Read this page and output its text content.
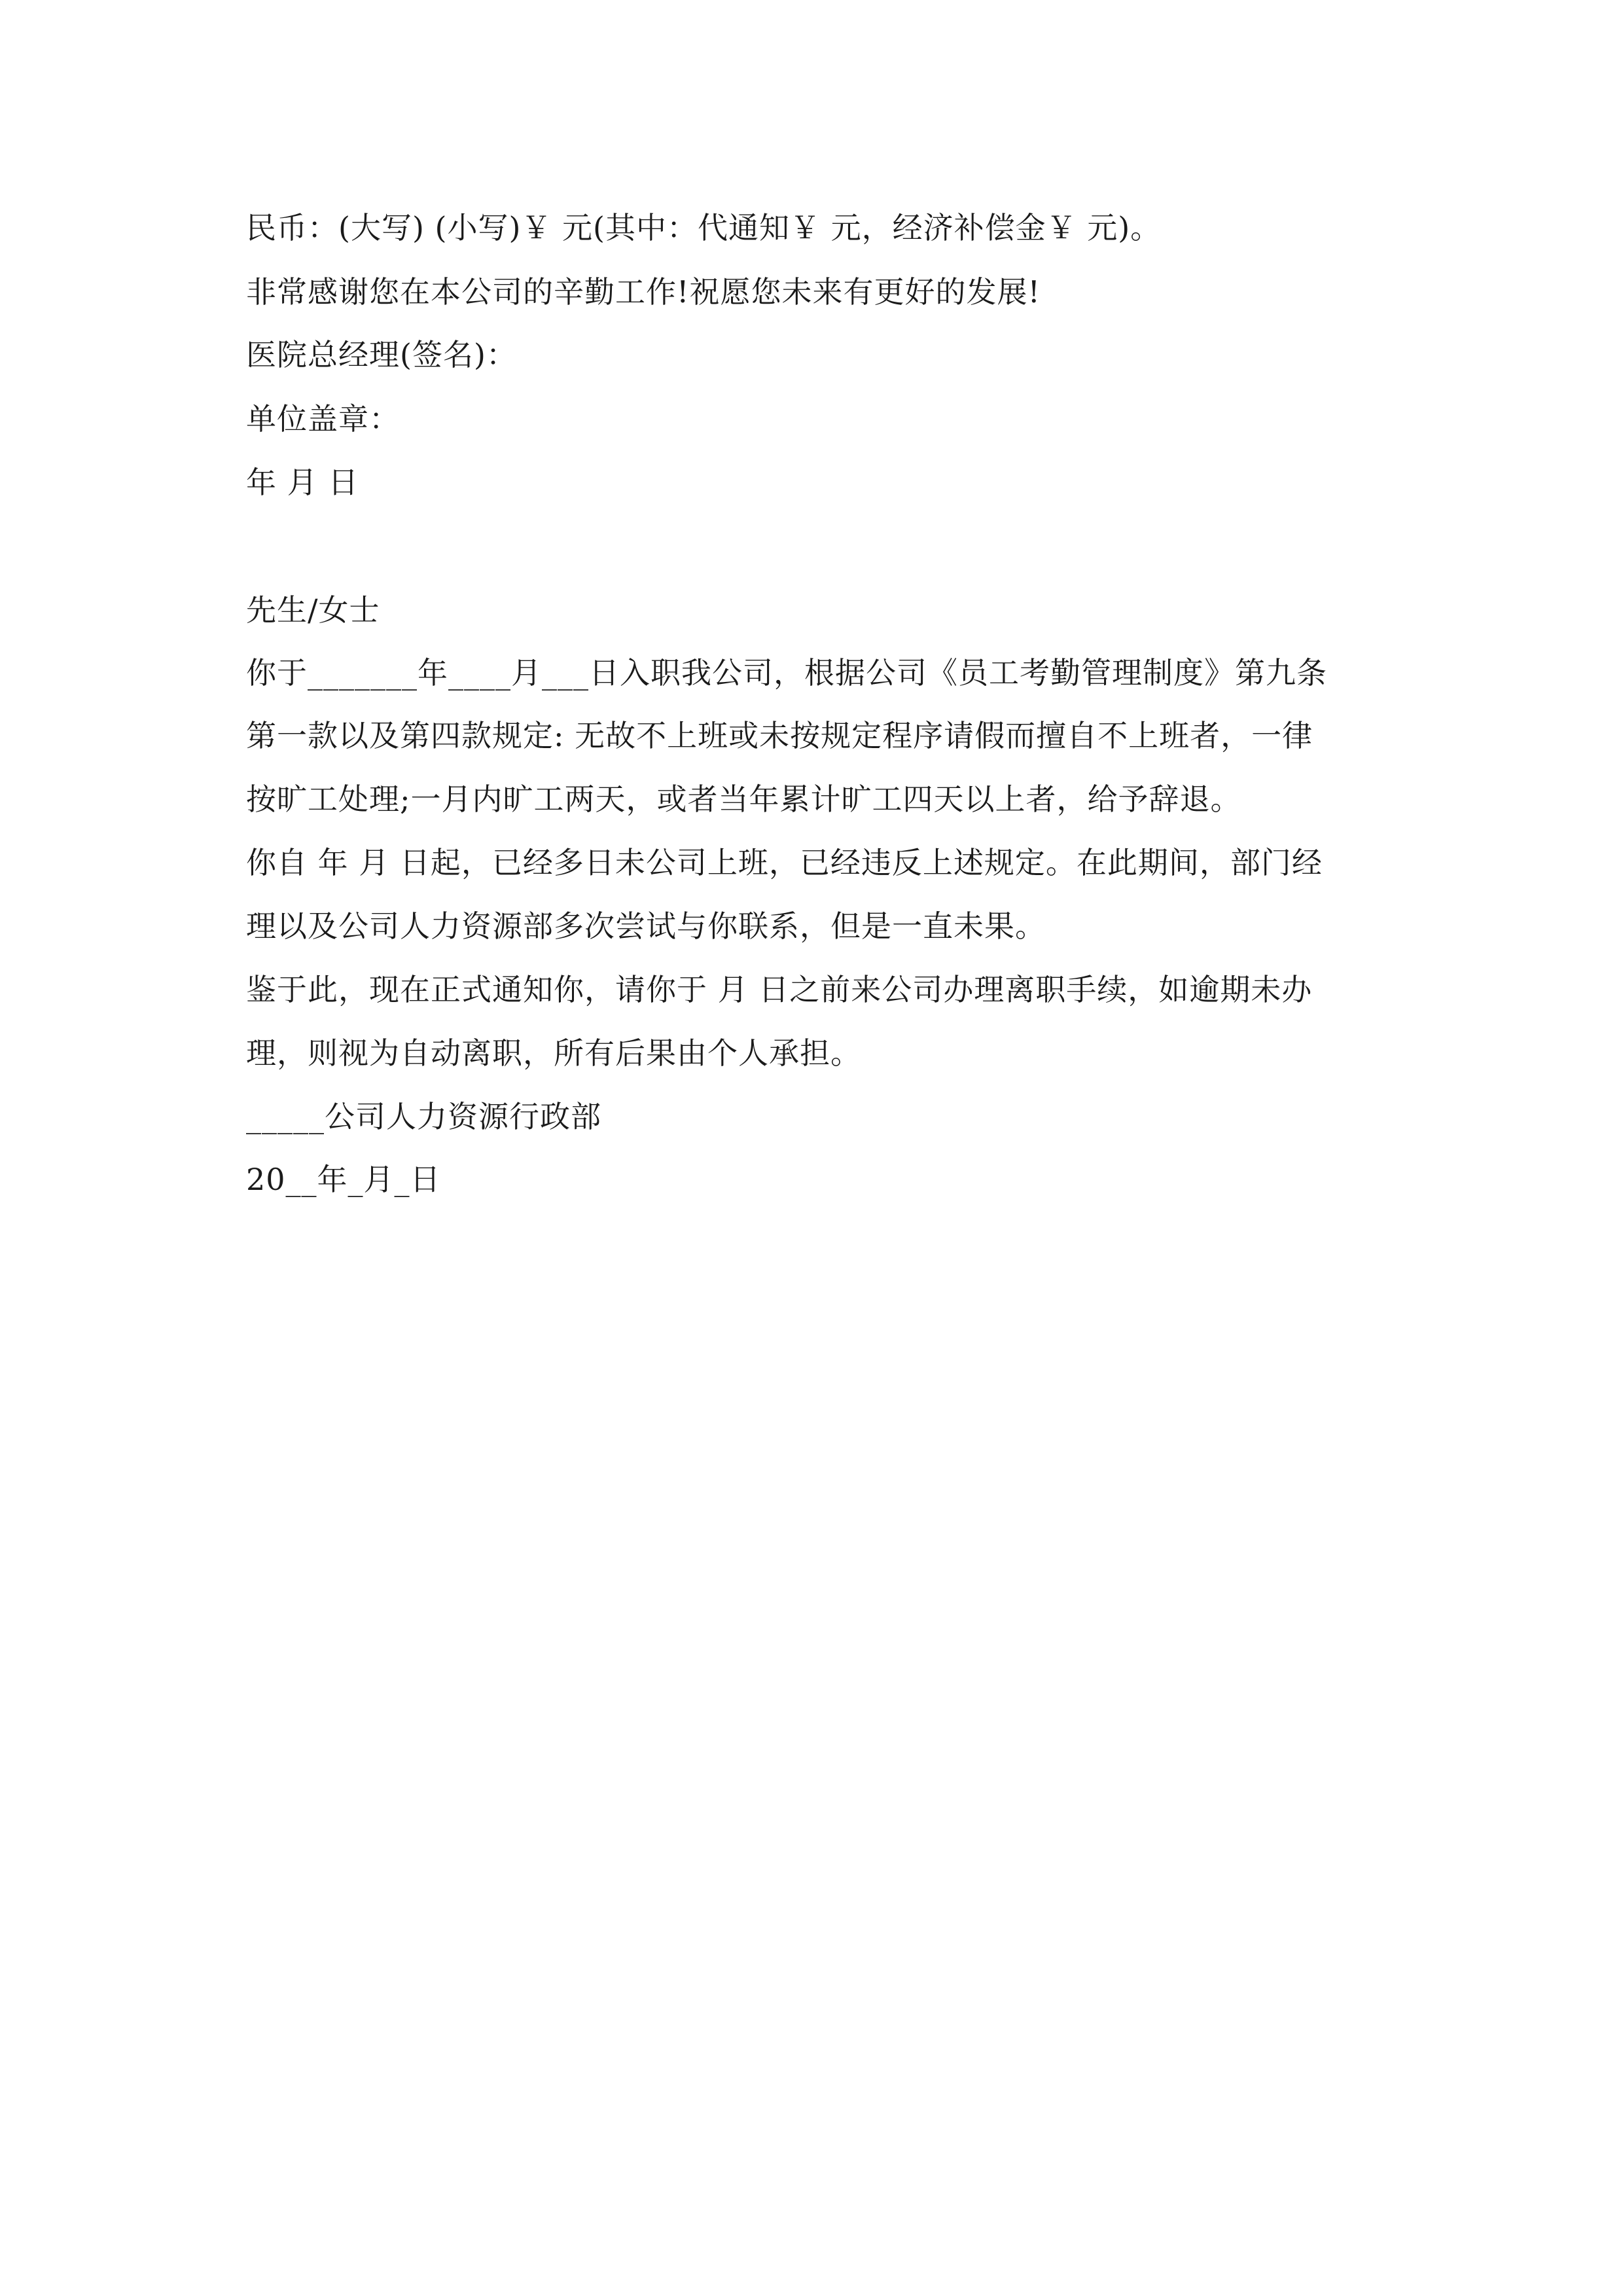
民币：(大写) (小写)￥ 元(其中：代通知￥ 元，经济补偿金￥ 元)。
非常感谢您在本公司的辛勤工作!祝愿您未来有更好的发展!
医院总经理(签名)：
单位盖章：
年 月 日
先生/女士
你于_______年____月___日入职我公司，根据公司《员工考勤管理制度》第九条
第一款以及第四款规定: 无故不上班或未按规定程序请假而擅自不上班者，一律
按旷工处理;一月内旷工两天，或者当年累计旷工四天以上者，给予辞退。
你自 年 月 日起，已经多日未公司上班，已经违反上述规定。在此期间，部门经
理以及公司人力资源部多次尝试与你联系，但是一直未果。
鉴于此，现在正式通知你，请你于 月 日之前来公司办理离职手续，如逾期未办
理，则视为自动离职，所有后果由个人承担。
_____公司人力资源行政部
20__年_月_日
